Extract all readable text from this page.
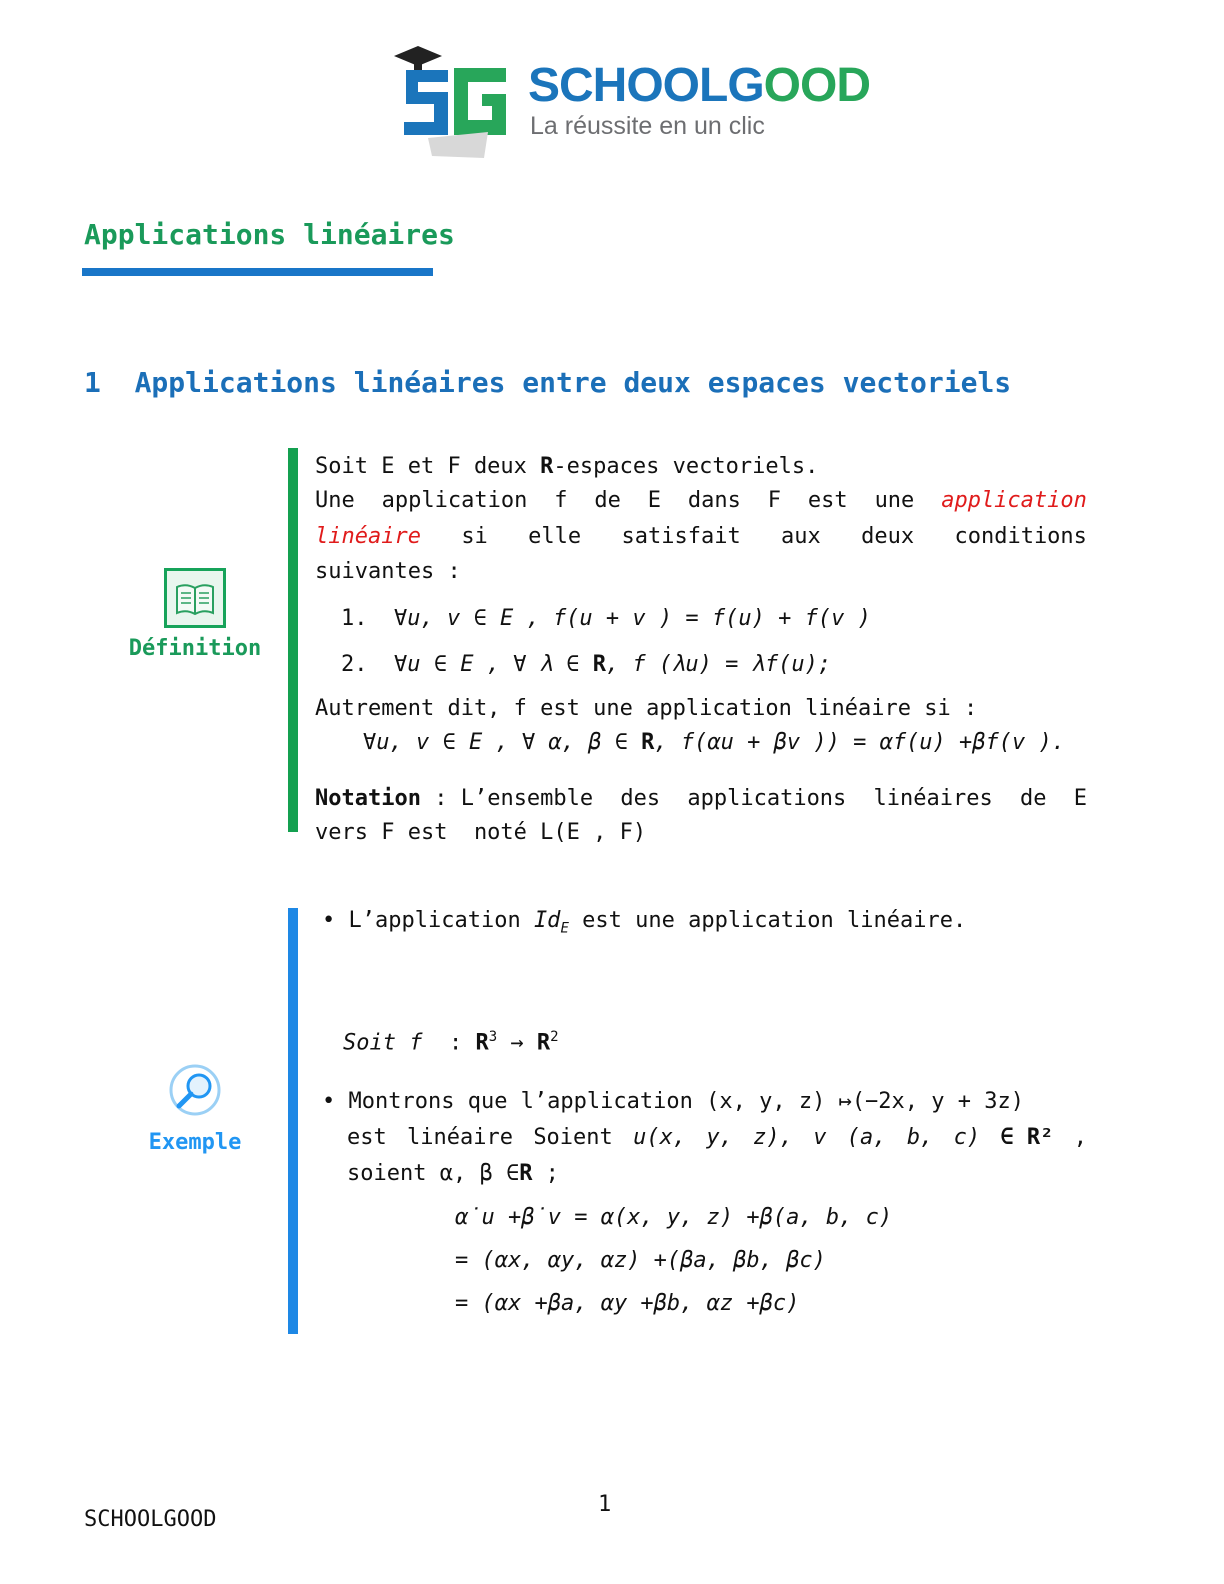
SCHOOLGOOD
La réussite en un clic
Applications linéaires
1 Applications linéaires entre deux espaces vectoriels
Définition
Soit E et F deux R-espaces vectoriels.
Une application f de E dans F est une application
linéaire si elle satisfait aux deux conditions
suivantes :
1. ∀u, v ∈ E , f(u + v ) = f(u) + f(v )
2. ∀u ∈ E , ∀ λ ∈ R, f (λu) = λf(u);
Autrement dit, f est une application linéaire si :
∀u, v ∈ E , ∀ α, β ∈ R, f(αu + βv )) = αf(u) +βf(v ).
Notation : L’ensemble des applications linéaires de E
vers F est  noté L(E , F)
Exemple
• L’application $Id_E$ est une application linéaire.
Soit f  : $R^3 \to R^2$
• Montrons que l’application (x, y, z) ↦(−2x, y + 3z)
est linéaire Soient u(x, y, z), v (a, b, c) ∈ R² ,
soient α, β ∈R ;
α˙u +β˙v = α(x, y, z) +β(a, b, c)
= (αx, αy, αz) +(βa, βb, βc)
= (αx +βa, αy +βb, αz +βc)
1
SCHOOLGOOD
